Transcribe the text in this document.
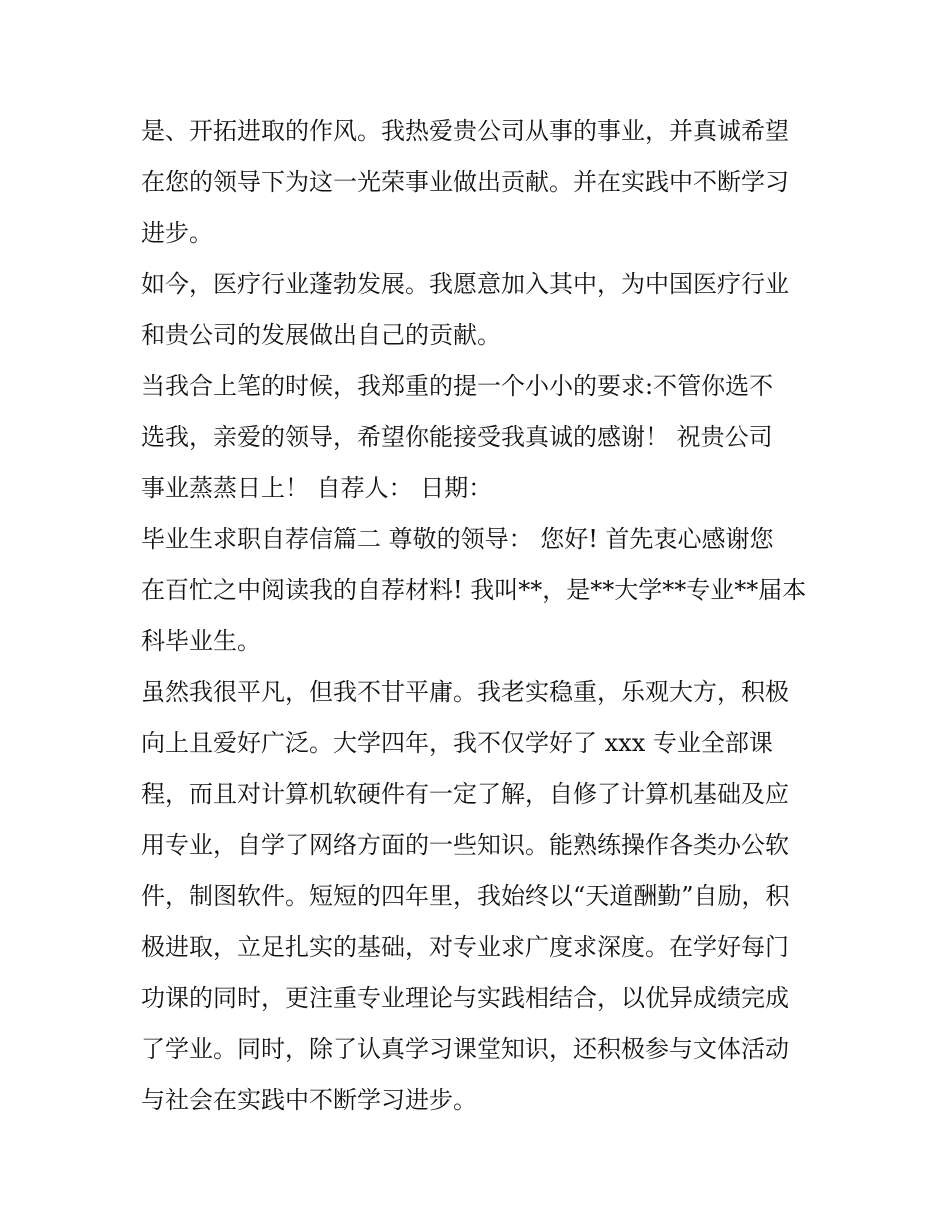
是、开拓进取的作风。我热爱贵公司从事的事业，并真诚希望
在您的领导下为这一光荣事业做出贡献。并在实践中不断学习
进步。
如今，医疗行业蓬勃发展。我愿意加入其中，为中国医疗行业
和贵公司的发展做出自己的贡献。
当我合上笔的时候，我郑重的提一个小小的要求:不管你选不
选我，亲爱的领导，希望你能接受我真诚的感谢！ 祝贵公司
事业蒸蒸日上！ 自荐人： 日期：
毕业生求职自荐信篇二 尊敬的领导： 您好! 首先衷心感谢您
在百忙之中阅读我的自荐材料! 我叫**，是**大学**专业**届本
科毕业生。
虽然我很平凡，但我不甘平庸。我老实稳重，乐观大方，积极
向上且爱好广泛。大学四年，我不仅学好了 xxx 专业全部课
程，而且对计算机软硬件有一定了解，自修了计算机基础及应
用专业，自学了网络方面的一些知识。能熟练操作各类办公软
件，制图软件。短短的四年里，我始终以“天道酬勤”自励，积
极进取，立足扎实的基础，对专业求广度求深度。在学好每门
功课的同时，更注重专业理论与实践相结合，以优异成绩完成
了学业。同时，除了认真学习课堂知识，还积极参与文体活动
与社会在实践中不断学习进步。
